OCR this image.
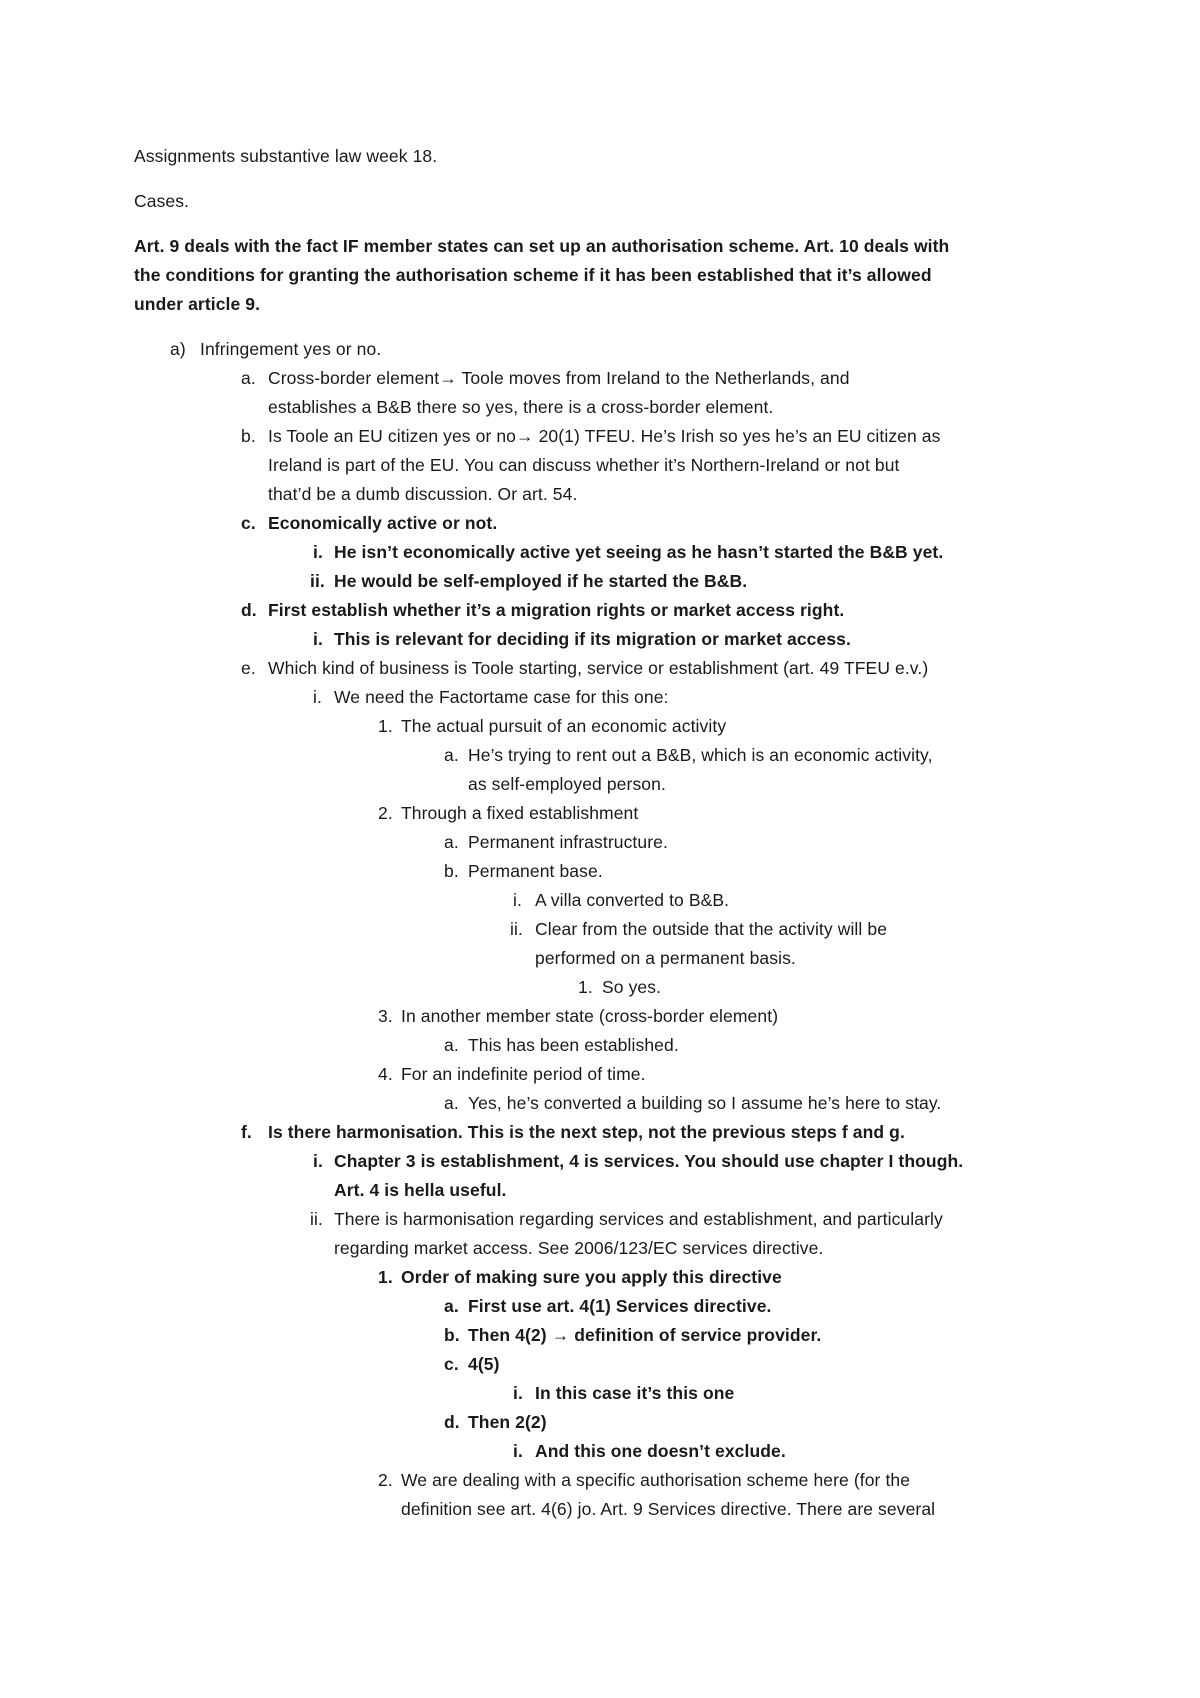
Assignments substantive law week 18.
Cases.
Art. 9 deals with the fact IF member states can set up an authorisation scheme. Art. 10 deals with
the conditions for granting the authorisation scheme if it has been established that it’s allowed
under article 9.
a) Infringement yes or no.
a. Cross-border element→ Toole moves from Ireland to the Netherlands, and
establishes a B&B there so yes, there is a cross-border element.
b. Is Toole an EU citizen yes or no→ 20(1) TFEU. He’s Irish so yes he’s an EU citizen as
Ireland is part of the EU. You can discuss whether it’s Northern-Ireland or not but
that’d be a dumb discussion. Or art. 54.
c. Economically active or not.
i. He isn’t economically active yet seeing as he hasn’t started the B&B yet.
ii. He would be self-employed if he started the B&B.
d. First establish whether it’s a migration rights or market access right.
i. This is relevant for deciding if its migration or market access.
e. Which kind of business is Toole starting, service or establishment (art. 49 TFEU e.v.)
i. We need the Factortame case for this one:
1. The actual pursuit of an economic activity
a. He’s trying to rent out a B&B, which is an economic activity,
as self-employed person.
2. Through a fixed establishment
a. Permanent infrastructure.
b. Permanent base.
i. A villa converted to B&B.
ii. Clear from the outside that the activity will be
performed on a permanent basis.
1. So yes.
3. In another member state (cross-border element)
a. This has been established.
4. For an indefinite period of time.
a. Yes, he’s converted a building so I assume he’s here to stay.
f. Is there harmonisation. This is the next step, not the previous steps f and g.
i. Chapter 3 is establishment, 4 is services. You should use chapter I though.
Art. 4 is hella useful.
ii. There is harmonisation regarding services and establishment, and particularly
regarding market access. See 2006/123/EC services directive.
1. Order of making sure you apply this directive
a. First use art. 4(1) Services directive.
b. Then 4(2) → definition of service provider.
c. 4(5)
i. In this case it’s this one
d. Then 2(2)
i. And this one doesn’t exclude.
2. We are dealing with a specific authorisation scheme here (for the
definition see art. 4(6) jo. Art. 9 Services directive. There are several
